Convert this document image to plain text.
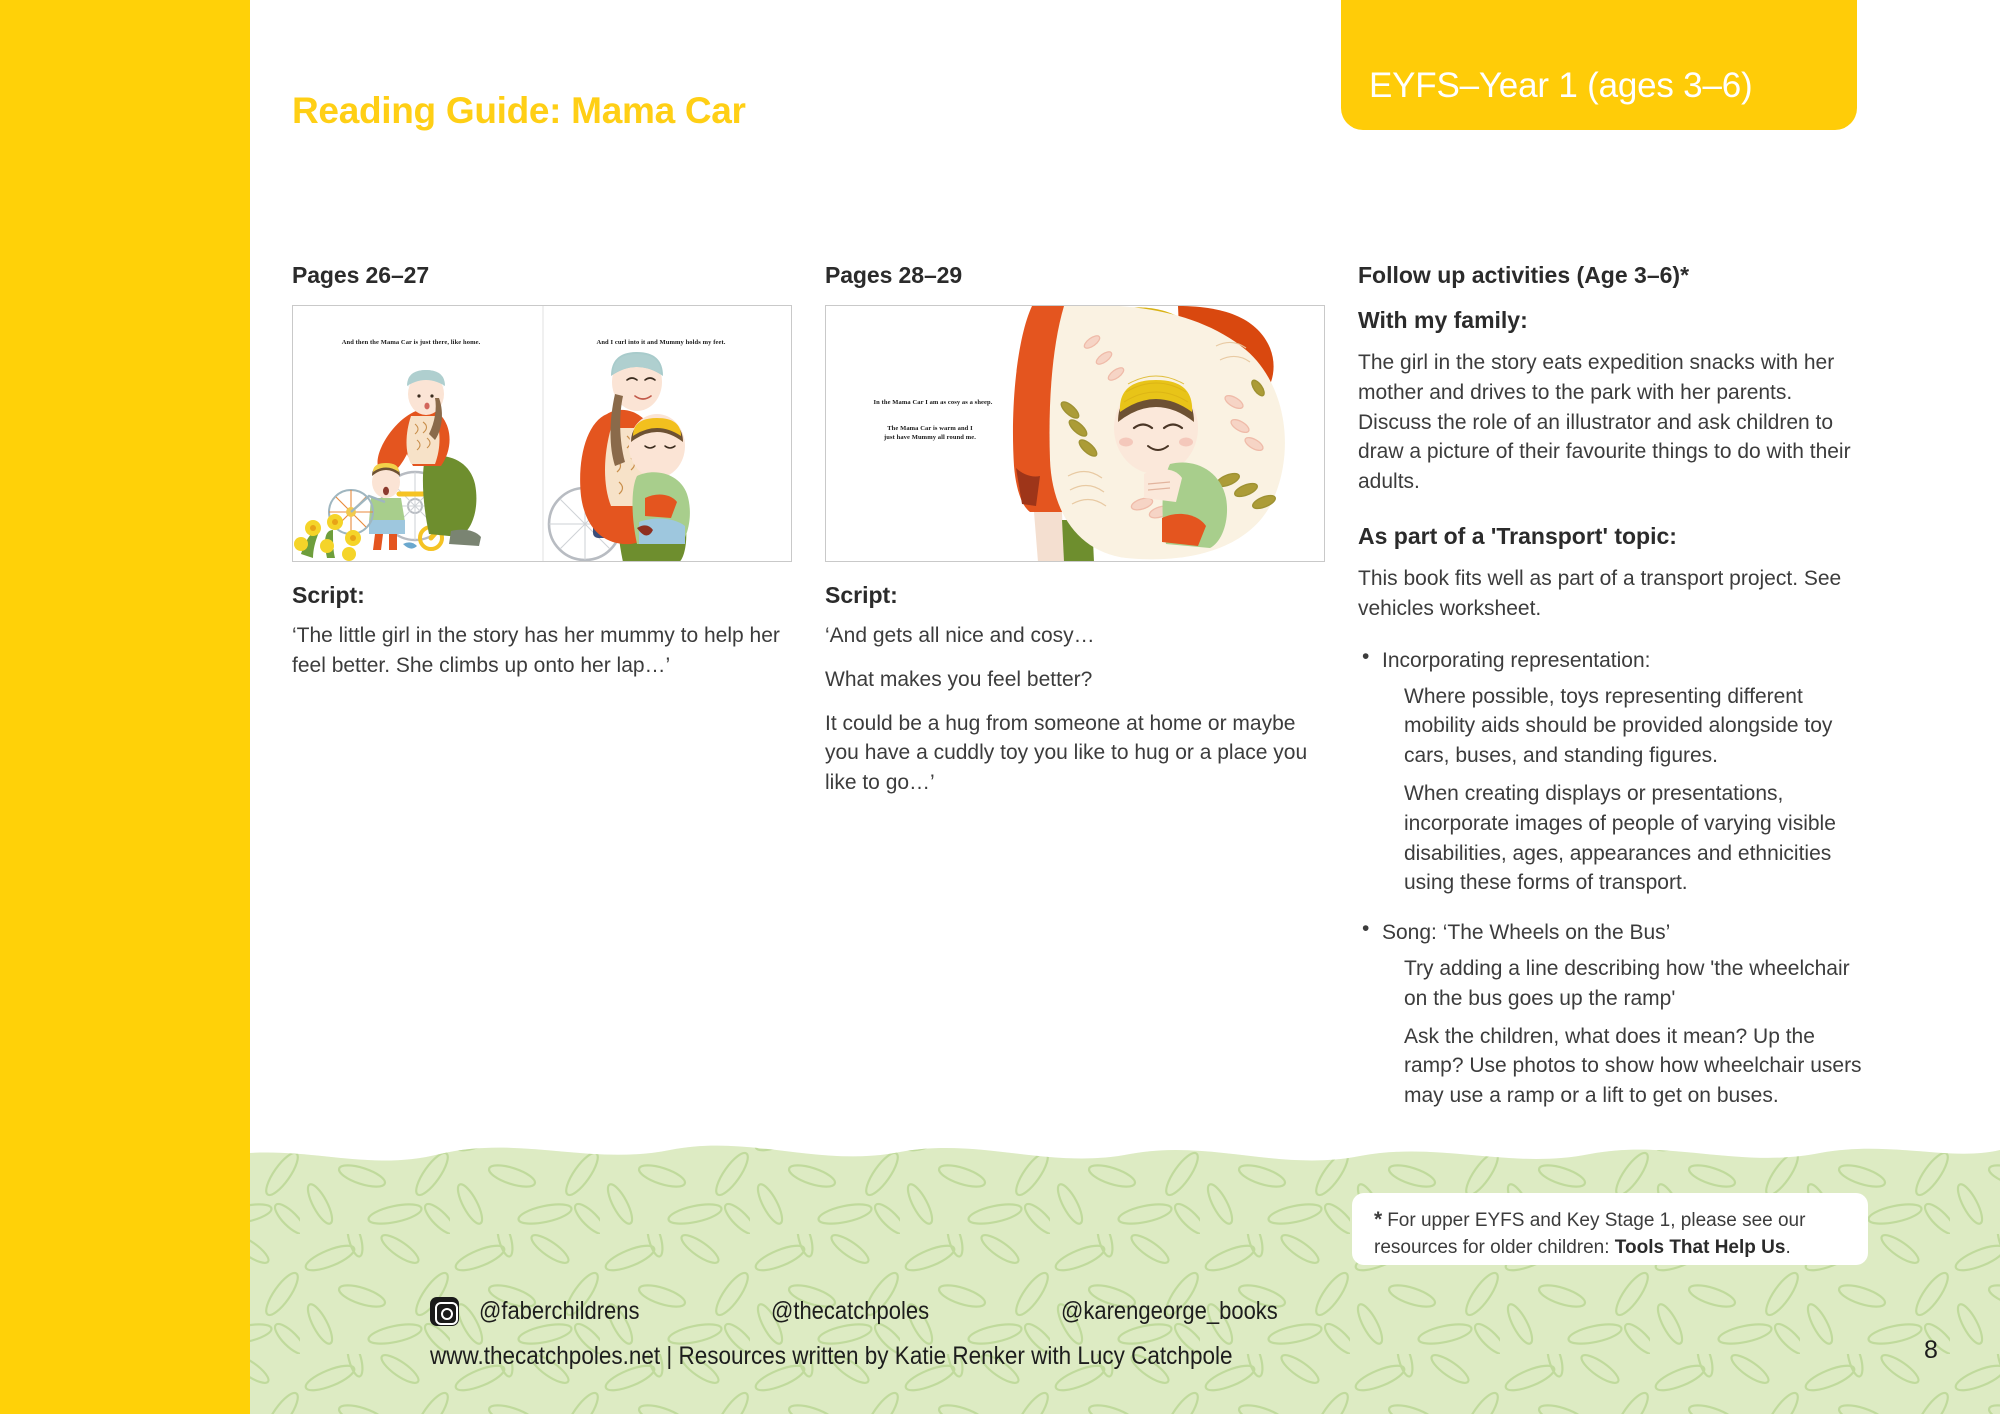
Reading Guide: Mama Car
EYFS–Year 1 (ages 3–6)
Pages 26–27
And then the Mama Car is just there, like home.	And I curl into it and Mummy holds my feet.
Script:
‘The little girl in the story has her mummy to help her feel better. She climbs up onto her lap…’
Pages 28–29
In the Mama Car I am as cosy as a sheep.
The Mama Car is warm and I just have Mummy all round me.
Script:
‘And gets all nice and cosy…
What makes you feel better?
It could be a hug from someone at home or maybe you have a cuddly toy you like to hug or a place you like to go…’
Follow up activities (Age 3–6)*
With my family:
The girl in the story eats expedition snacks with her mother and drives to the park with her parents. Discuss the role of an illustrator and ask children to draw a picture of their favourite things to do with their adults.
As part of a 'Transport' topic:
This book fits well as part of a transport project. See vehicles worksheet.
• Incorporating representation:
Where possible, toys representing different mobility aids should be provided alongside toy cars, buses, and standing figures.
When creating displays or presentations, incorporate images of people of varying visible disabilities, ages, appearances and ethnicities using these forms of transport.
• Song: ‘The Wheels on the Bus’
Try adding a line describing how 'the wheelchair on the bus goes up the ramp'
Ask the children, what does it mean? Up the ramp? Use photos to show how wheelchair users may use a ramp or a lift to get on buses.
* For upper EYFS and Key Stage 1, please see our resources for older children: Tools That Help Us.
@faberchildrens	@thecatchpoles	@karengeorge_books
www.thecatchpoles.net | Resources written by Katie Renker with Lucy Catchpole	8
